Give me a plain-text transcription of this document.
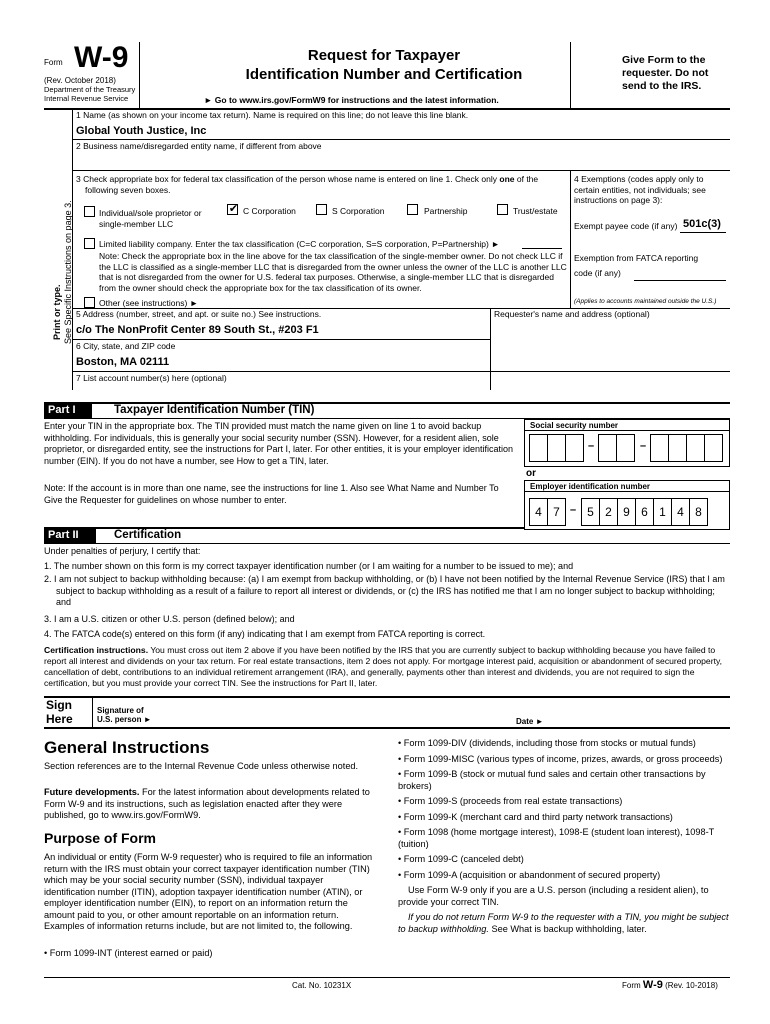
Form W-9

(Rev. October 2018)

Department of the Treasury

Internal Revenue Service

Request for Taxpayer
Identification Number and Certification
► Go to www.irs.gov/FormW9 for instructions and the latest information.
Give Form to the requester. Do not send to the IRS.
Print or type. See Specific Instructions on page 3.
1 Name (as shown on your income tax return). Name is required on this line; do not leave this line blank.
Global Youth Justice, Inc
2 Business name/disregarded entity name, if different from above
3 Check appropriate box for federal tax classification of the person whose name is entered on line 1. Check only one of the
following seven boxes.
Individual/sole proprietor or
single-member LLC
✔ C Corporation	S Corporation	Partnership	Trust/estate
Limited liability company. Enter the tax classification (C=C corporation, S=S corporation, P=Partnership) ►
Note: Check the appropriate box in the line above for the tax classification of the single-member owner. Do not check LLC if the LLC is classified as a single-member LLC that is disregarded from the owner unless the owner of the LLC is another LLC that is not disregarded from the owner for U.S. federal tax purposes. Otherwise, a single-member LLC that is disregarded from the owner should check the appropriate box for the tax classification of its owner.
Other (see instructions) ►
4 Exemptions (codes apply only to certain entities, not individuals; see instructions on page 3):
Exempt payee code (if any) 501c(3)
Exemption from FATCA reporting
code (if any)
(Applies to accounts maintained outside the U.S.)
5 Address (number, street, and apt. or suite no.) See instructions.	Requester's name and address (optional)
c/o The NonProfit Center 89 South St., #203 F1
6 City, state, and ZIP code
Boston, MA 02111
7 List account number(s) here (optional)
Part I	Taxpayer Identification Number (TIN)
Enter your TIN in the appropriate box. The TIN provided must match the name given on line 1 to avoid backup withholding. For individuals, this is generally your social security number (SSN). However, for a resident alien, sole proprietor, or disregarded entity, see the instructions for Part I, later. For other entities, it is your employer identification number (EIN). If you do not have a number, see How to get a TIN, later.
Note: If the account is in more than one name, see the instructions for line 1. Also see What Name and Number To Give the Requester for guidelines on whose number to enter.
Social security number
–	–
or
Employer identification number
4 7 – 5 2 9 6 1 4 8
Part II	Certification
Under penalties of perjury, I certify that:
1. The number shown on this form is my correct taxpayer identification number (or I am waiting for a number to be issued to me); and
2. I am not subject to backup withholding because: (a) I am exempt from backup withholding, or (b) I have not been notified by the Internal Revenue Service (IRS) that I am subject to backup withholding as a result of a failure to report all interest or dividends, or (c) the IRS has notified me that I am no longer subject to backup withholding; and
3. I am a U.S. citizen or other U.S. person (defined below); and
4. The FATCA code(s) entered on this form (if any) indicating that I am exempt from FATCA reporting is correct.
Certification instructions. You must cross out item 2 above if you have been notified by the IRS that you are currently subject to backup withholding because you have failed to report all interest and dividends on your tax return. For real estate transactions, item 2 does not apply. For mortgage interest paid, acquisition or abandonment of secured property, cancellation of debt, contributions to an individual retirement arrangement (IRA), and generally, payments other than interest and dividends, you are not required to sign the certification, but you must provide your correct TIN. See the instructions for Part II, later.
Sign
Here
Signature of
U.S. person ►	Date ►
General Instructions
Section references are to the Internal Revenue Code unless otherwise noted.
Future developments. For the latest information about developments related to Form W-9 and its instructions, such as legislation enacted after they were published, go to www.irs.gov/FormW9.
Purpose of Form
An individual or entity (Form W-9 requester) who is required to file an information return with the IRS must obtain your correct taxpayer identification number (TIN) which may be your social security number (SSN), individual taxpayer identification number (ITIN), adoption taxpayer identification number (ATIN), or employer identification number (EIN), to report on an information return the amount paid to you, or other amount reportable on an information return. Examples of information returns include, but are not limited to, the following.
• Form 1099-INT (interest earned or paid)

• Form 1099-DIV (dividends, including those from stocks or mutual funds)

• Form 1099-MISC (various types of income, prizes, awards, or gross proceeds)

• Form 1099-B (stock or mutual fund sales and certain other transactions by brokers)

• Form 1099-S (proceeds from real estate transactions)

• Form 1099-K (merchant card and third party network transactions)

• Form 1098 (home mortgage interest), 1098-E (student loan interest), 1098-T (tuition)

• Form 1099-C (canceled debt)

• Form 1099-A (acquisition or abandonment of secured property)

Use Form W-9 only if you are a U.S. person (including a resident alien), to provide your correct TIN.

If you do not return Form W-9 to the requester with a TIN, you might be subject to backup withholding. See What is backup withholding, later.

Cat. No. 10231X	Form W-9 (Rev. 10-2018)
